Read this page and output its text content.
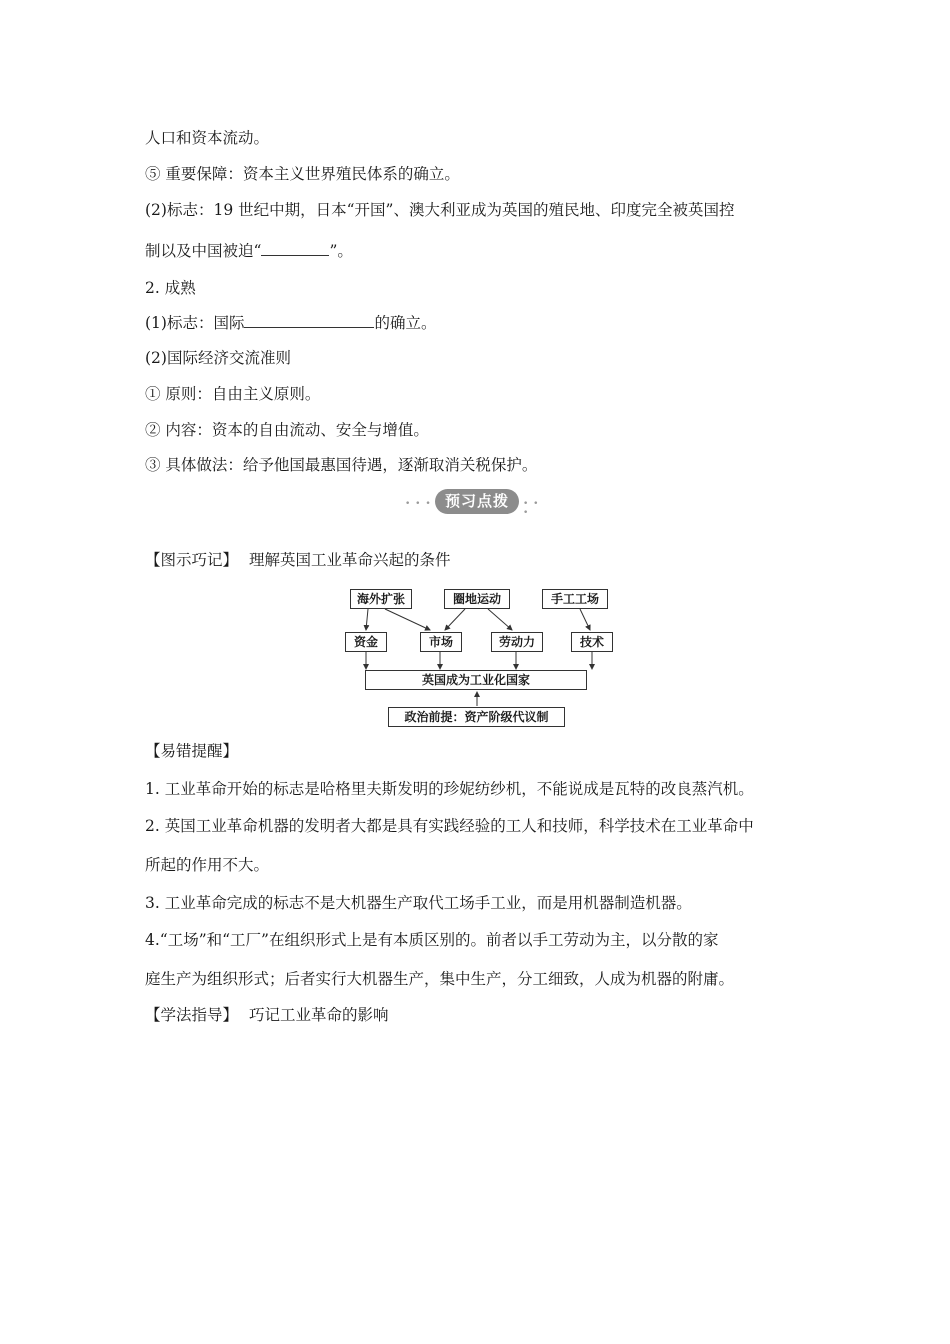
人口和资本流动。
⑤ 重要保障：资本主义世界殖民体系的确立。
(2)标志：19 世纪中期，日本“开国”、澳大利亚成为英国的殖民地、印度完全被英国控
制以及中国被迫“	”。
2. 成熟
(1)标志：国际	的确立。
(2)国际经济交流准则
① 原则：自由主义原则。
② 内容：资本的自由流动、安全与增值。
③ 具体做法：给予他国最惠国待遇，逐渐取消关税保护。
• • • 预习点拨	• • •
【图示巧记】 理解英国工业革命兴起的条件
海外扩张	圈地运动	手工工场
资金	市场	劳动力	技术
英国成为工业化国家
政治前提：资产阶级代议制
【易错提醒】
1. 工业革命开始的标志是哈格里夫斯发明的珍妮纺纱机，不能说成是瓦特的改良蒸汽机。
2. 英国工业革命机器的发明者大都是具有实践经验的工人和技师，科学技术在工业革命中
所起的作用不大。
3. 工业革命完成的标志不是大机器生产取代工场手工业，而是用机器制造机器。
4.“工场”和“工厂”在组织形式上是有本质区别的。前者以手工劳动为主，以分散的家
庭生产为组织形式；后者实行大机器生产，集中生产，分工细致，人成为机器的附庸。
【学法指导】 巧记工业革命的影响
